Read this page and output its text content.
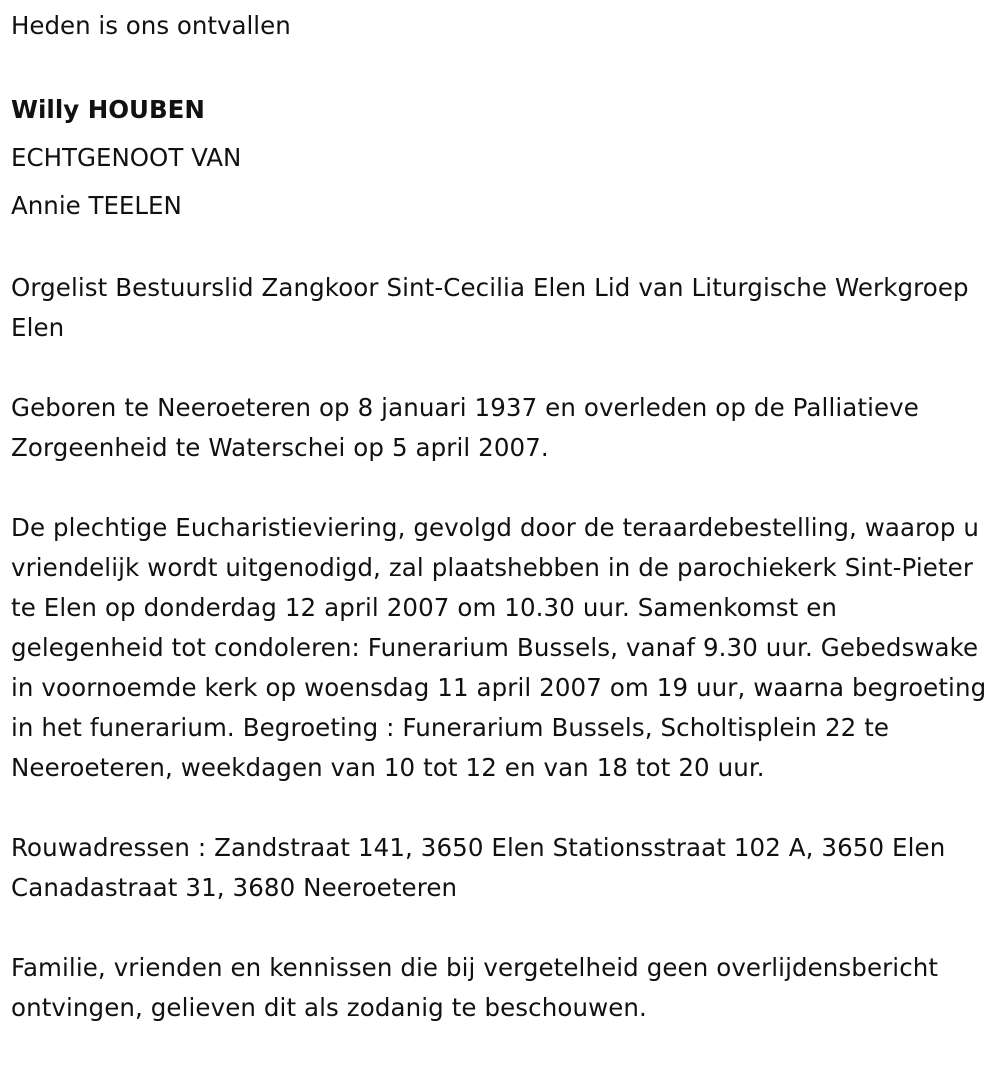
Heden is ons ontvallen

Willy HOUBEN

ECHTGENOOT VAN

Annie TEELEN

Orgelist Bestuurslid Zangkoor Sint-Cecilia Elen Lid van Liturgische Werkgroep Elen

Geboren te Neeroeteren op 8 januari 1937 en overleden op de Palliatieve Zorgeenheid te Waterschei op 5 april 2007.

De plechtige Eucharistieviering, gevolgd door de teraardebestelling, waarop u vriendelijk wordt uitgenodigd, zal plaatshebben in de parochiekerk Sint-Pieter te Elen op donderdag 12 april 2007 om 10.30 uur. Samenkomst en gelegenheid tot condoleren: Funerarium Bussels, vanaf 9.30 uur. Gebedswake in voornoemde kerk op woensdag 11 april 2007 om 19 uur, waarna begroeting in het funerarium. Begroeting : Funerarium Bussels, Scholtisplein 22 te Neeroeteren, weekdagen van 10 tot 12 en van 18 tot 20 uur.

Rouwadressen : Zandstraat 141, 3650 Elen Stationsstraat 102 A, 3650 Elen Canadastraat 31, 3680 Neeroeteren

Familie, vrienden en kennissen die bij vergetelheid geen overlijdensbericht ontvingen, gelieven dit als zodanig te beschouwen.
